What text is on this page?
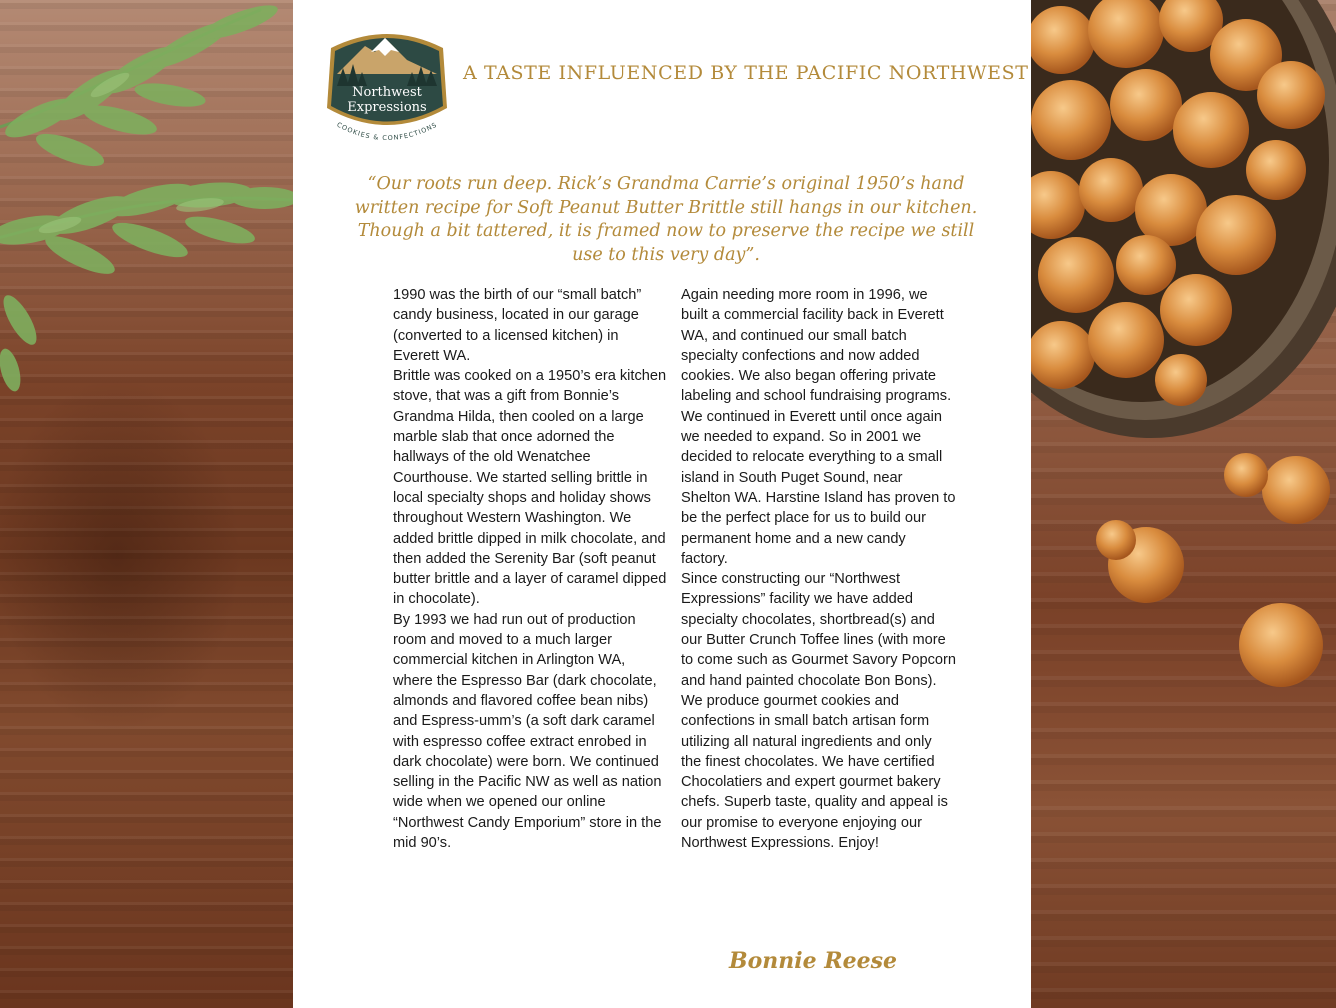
Northwest
Expressions
COOKIES & CONFECTIONS
A TASTE INFLUENCED BY THE PACIFIC NORTHWEST

“Our roots run deep. Rick’s Grandma Carrie’s original 1950’s hand written recipe for Soft Peanut Butter Brittle still hangs in our kitchen. Though a bit tattered, it is framed now to preserve the recipe we still use to this very day”.

1990 was the birth of our “small batch” candy business, located in our garage (converted to a licensed kitchen) in Everett WA.

Brittle was cooked on a 1950’s era kitchen stove, that was a gift from Bonnie’s Grandma Hilda, then cooled on a large marble slab that once adorned the hallways of the old Wenatchee Courthouse. We started selling brittle in local specialty shops and holiday shows throughout Western Washington. We added brittle dipped in milk chocolate, and then added the Serenity Bar (soft peanut butter brittle and a layer of caramel dipped in chocolate).

By 1993 we had run out of production room and moved to a much larger commercial kitchen in Arlington WA, where the Espresso Bar (dark chocolate, almonds and flavored coffee bean nibs) and Espress-umm’s (a soft dark caramel with espresso coffee extract enrobed in dark chocolate) were born. We continued selling in the Pacific NW as well as nation wide when we opened our online “Northwest Candy Emporium” store in the mid 90’s.

Again needing more room in 1996, we built a commercial facility back in Everett WA, and continued our small batch specialty confections and now added cookies. We also began offering private labeling and school fundraising programs.

We continued in Everett until once again we needed to expand. So in 2001 we decided to relocate everything to a small island in South Puget Sound, near Shelton WA. Harstine Island has proven to be the perfect place for us to build our permanent home and a new candy factory.

Since constructing our “Northwest Expressions” facility we have added specialty chocolates, shortbread(s) and our Butter Crunch Toffee lines (with more to come such as Gourmet Savory Popcorn and hand painted chocolate Bon Bons).

We produce gourmet cookies and confections in small batch artisan form utilizing all natural ingredients and only the finest chocolates. We have certified Chocolatiers and expert gourmet bakery chefs. Superb taste, quality and appeal is our promise to everyone enjoying our Northwest Expressions. Enjoy!

Bonnie Reese
